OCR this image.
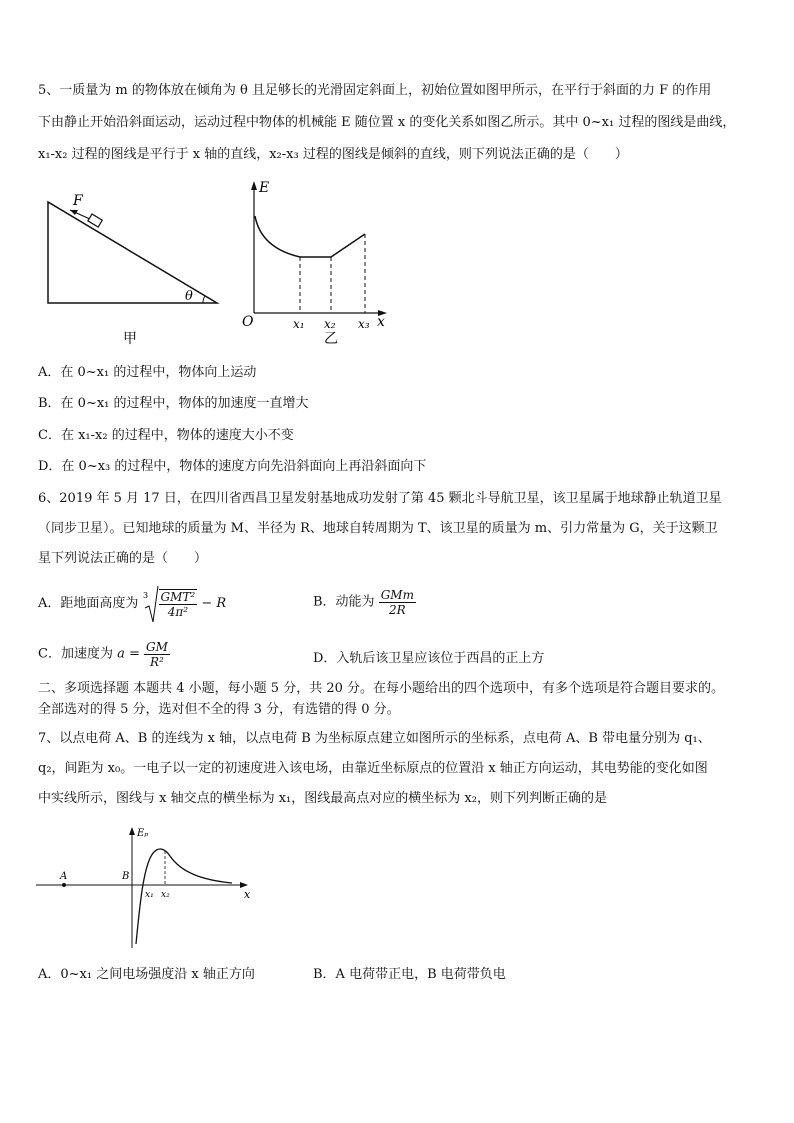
5、一质量为 m 的物体放在倾角为 θ 且足够长的光滑固定斜面上，初始位置如图甲所示，在平行于斜面的力 F 的作用
下由静止开始沿斜面运动，运动过程中物体的机械能 E 随位置 x 的变化关系如图乙所示。其中 0~x₁ 过程的图线是曲线，
x₁-x₂ 过程的图线是平行于 x 轴的直线，x₂-x₃ 过程的图线是倾斜的直线，则下列说法正确的是（　　）
F
θ
甲
E
x
O	x₁ x₂ x₃
乙
A．在 0~x₁ 的过程中，物体向上运动
B．在 0~x₁ 的过程中，物体的加速度一直增大
C．在 x₁-x₂ 的过程中，物体的速度大小不变
D．在 0~x₃ 的过程中，物体的速度方向先沿斜面向上再沿斜面向下
6、2019 年 5 月 17 日，在四川省西昌卫星发射基地成功发射了第 45 颗北斗导航卫星，该卫星属于地球静止轨道卫星
（同步卫星）。已知地球的质量为 M、半径为 R、地球自转周期为 T、该卫星的质量为 m、引力常量为 G，关于这颗卫
星下列说法正确的是（　　）
A．距地面高度为
$3 \frac{\text{GMT²}}{\text{4π²}} - R$	B．动能为 $\frac{\text{GMm}}{2R}$
C．加速度为 $a = \frac{GM}{\text{R²}}$	D．入轨后该卫星应该位于西昌的正上方
二、多项选择题 本题共 4 小题，每小题 5 分，共 20 分。在每小题给出的四个选项中，有多个选项是符合题目要求的。
全部选对的得 5 分，选对但不全的得 3 分，有选错的得 0 分。
7、以点电荷 A、B 的连线为 x 轴，以点电荷 B 为坐标原点建立如图所示的坐标系，点电荷 A、B 带电量分别为 q₁、
q₂，间距为 x₀。一电子以一定的初速度进入该电场，由靠近坐标原点的位置沿 x 轴正方向运动，其电势能的变化如图
中实线所示，图线与 x 轴交点的横坐标为 x₁，图线最高点对应的横坐标为 x₂，则下列判断正确的是
Eₚ
x
A	B
x₁ x₂
A．0~x₁ 之间电场强度沿 x 轴正方向	B．A 电荷带正电，B 电荷带负电
